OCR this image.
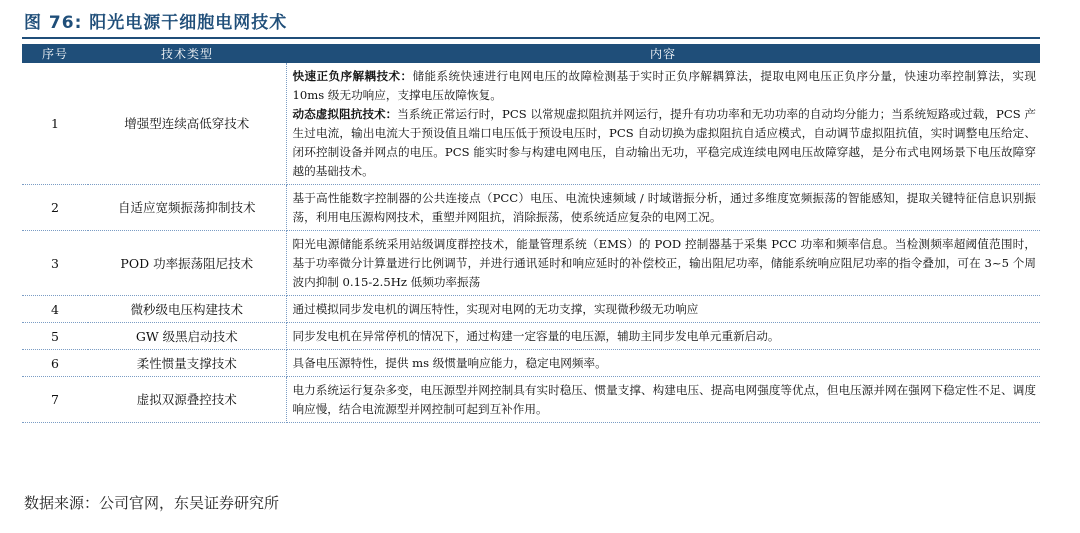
图 76: 阳光电源干细胞电网技术
序号	技术类型	内容
1	增强型连续高低穿技术	快速正负序解耦技术：储能系统快速进行电网电压的故障检测基于实时正负序解耦算法，提取电网电压正负序分量，快速功率控制算法，实现 10ms 级无功响应，支撑电压故障恢复。
动态虚拟阻抗技术：当系统正常运行时，PCS 以常规虚拟阻抗并网运行，提升有功功率和无功功率的自动均分能力；当系统短路或过载，PCS 产生过电流，输出电流大于预设值且端口电压低于预设电压时，PCS 自动切换为虚拟阻抗自适应模式，自动调节虚拟阻抗值，实时调整电压给定、闭环控制设备并网点的电压。PCS 能实时参与构建电网电压，自动输出无功，平稳完成连续电网电压故障穿越，是分布式电网场景下电压故障穿越的基础技术。
2	自适应宽频振荡抑制技术	基于高性能数字控制器的公共连接点（PCC）电压、电流快速频域 / 时域谐振分析，通过多维度宽频振荡的智能感知，提取关键特征信息识别振荡，利用电压源构网技术，重塑并网阻抗，消除振荡，使系统适应复杂的电网工况。
3	POD 功率振荡阻尼技术	阳光电源储能系统采用站级调度群控技术，能量管理系统（EMS）的 POD 控制器基于采集 PCC 功率和频率信息。当检测频率超阈值范围时，基于功率微分计算量进行比例调节，并进行通讯延时和响应延时的补偿校正，输出阻尼功率，储能系统响应阻尼功率的指令叠加，可在 3~5 个周波内抑制 0.15-2.5Hz 低频功率振荡
4	微秒级电压构建技术	通过模拟同步发电机的调压特性，实现对电网的无功支撑，实现微秒级无功响应
5	GW 级黑启动技术	同步发电机在异常停机的情况下，通过构建一定容量的电压源，辅助主同步发电单元重新启动。
6	柔性惯量支撑技术	具备电压源特性，提供 ms 级惯量响应能力，稳定电网频率。
7	虚拟双源叠控技术	电力系统运行复杂多变，电压源型并网控制具有实时稳压、惯量支撑、构建电压、提高电网强度等优点，但电压源并网在强网下稳定性不足、调度响应慢，结合电流源型并网控制可起到互补作用。
数据来源：公司官网，东吴证券研究所
